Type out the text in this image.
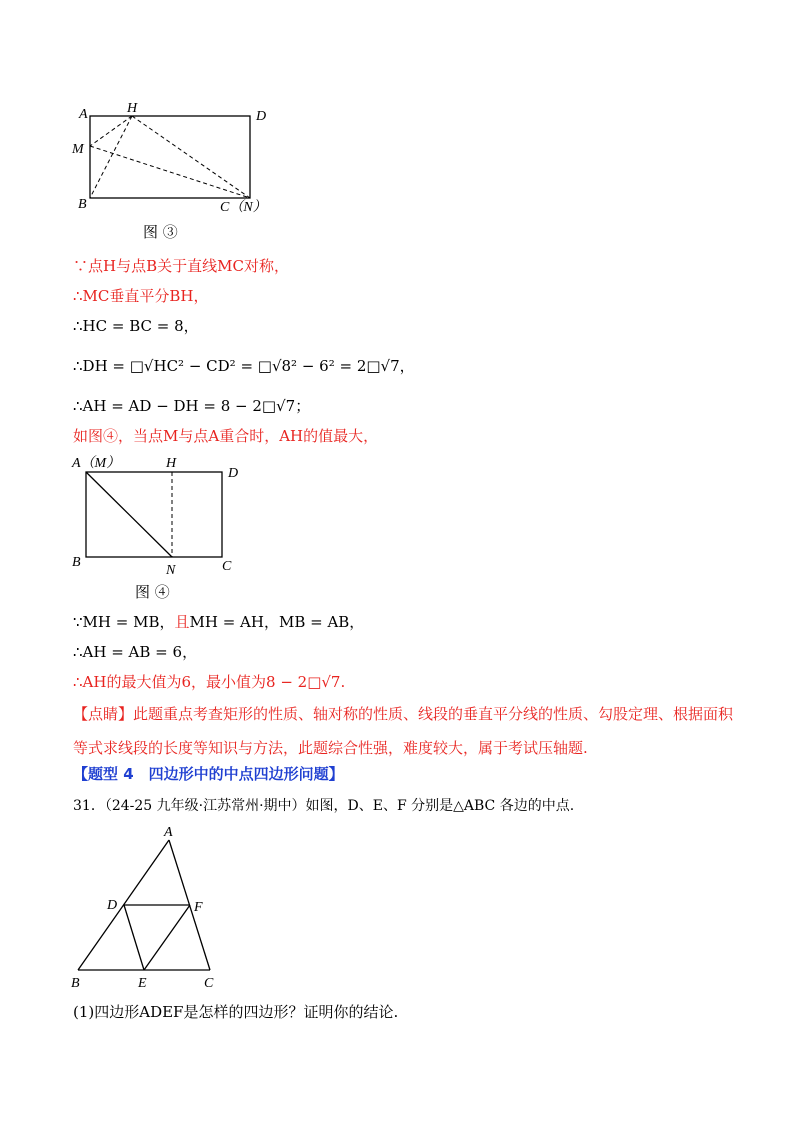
A	H
D
M
B	C（N）
图 ③
∵点H与点B关于直线MC对称，
∴MC垂直平分BH，
∴HC = BC = 8，
∴DH = □√HC² − CD² = □√8² − 6² = 2□√7，
∴AH = AD − DH = 8 − 2□√7；
如图④，当点M与点A重合时，AH的值最大，
A（M）	H
D
B
N	C
图 ④
∵MH = MB，且MH = AH，MB = AB，
∴AH = AB = 6，
∴AH的最大值为6，最小值为8 − 2□√7.
【点睛】此题重点考查矩形的性质、轴对称的性质、线段的垂直平分线的性质、勾股定理、根据面积等式求线段的长度等知识与方法，此题综合性强，难度较大，属于考试压轴题.
【题型 4　四边形中的中点四边形问题】
31．（24-25 九年级·江苏常州·期中）如图，D、E、F 分别是△ABC 各边的中点.
A
D	F
B	E	C
(1)四边形ADEF是怎样的四边形？证明你的结论.
